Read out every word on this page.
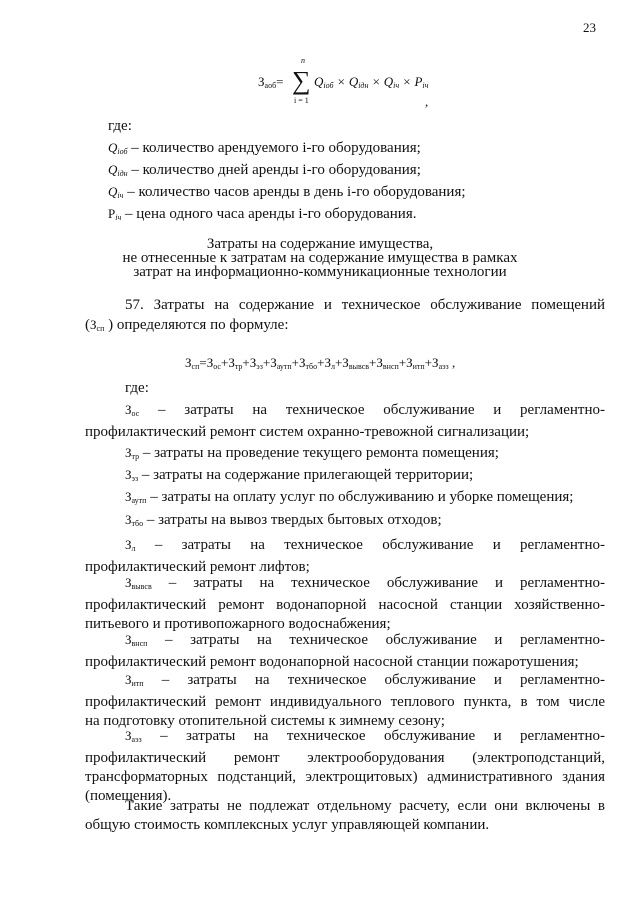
23
$З_{аоб}=$
n
∑
i = 1
$Q_{iоб} \times Q_{iдн} \times Q_{iч} \times P_{iч}$
,
где:
$Q_{iоб}$ – количество арендуемого i-го оборудования;
$Q_{iдн}$ – количество дней аренды i-го оборудования;
$Q_{iч}$ – количество часов аренды в день i-го оборудования;
$P_{iч}$ – цена одного часа аренды i-го оборудования.
Затраты на содержание имущества,
не отнесенные к затратам на содержание имущества в рамках
затрат на информационно-коммуникационные технологии
57. Затраты на содержание и техническое обслуживание помещений
($З_{сп}$ ) определяются по формуле:
$З_{сп}=З_{ос}+З_{тр}+З_{эз}+З_{аутп}+З_{тбо}+З_л+З_{вывсв}+З_{внсп}+З_{итп}+З_{аэз}$ ,
где:
$З_{ос}$ – затраты на техническое обслуживание и регламентно-
профилактический ремонт систем охранно-тревожной сигнализации;
$З_{тр}$ – затраты на проведение текущего ремонта помещения;
$З_{эз}$ – затраты на содержание прилегающей территории;
$З_{аутп}$ – затраты на оплату услуг по обслуживанию и уборке помещения;
$З_{тбо}$ – затраты на вывоз твердых бытовых отходов;
$З_л$ – затраты на техническое обслуживание и регламентно-
профилактический ремонт лифтов;
$З_{вывсв}$ – затраты на техническое обслуживание и регламентно-
профилактический ремонт водонапорной насосной станции хозяйственно-
питьевого и противопожарного водоснабжения;
$З_{внсп}$ – затраты на техническое обслуживание и регламентно-
профилактический ремонт водонапорной насосной станции пожаротушения;
$З_{итп}$ – затраты на техническое обслуживание и регламентно-
профилактический ремонт индивидуального теплового пункта, в том числе
на подготовку отопительной системы к зимнему сезону;
$З_{аэз}$ – затраты на техническое обслуживание и регламентно-
профилактический ремонт электрооборудования (электроподстанций,
трансформаторных подстанций, электрощитовых) административного здания
(помещения).
Такие затраты не подлежат отдельному расчету, если они включены в
общую стоимость комплексных услуг управляющей компании.
